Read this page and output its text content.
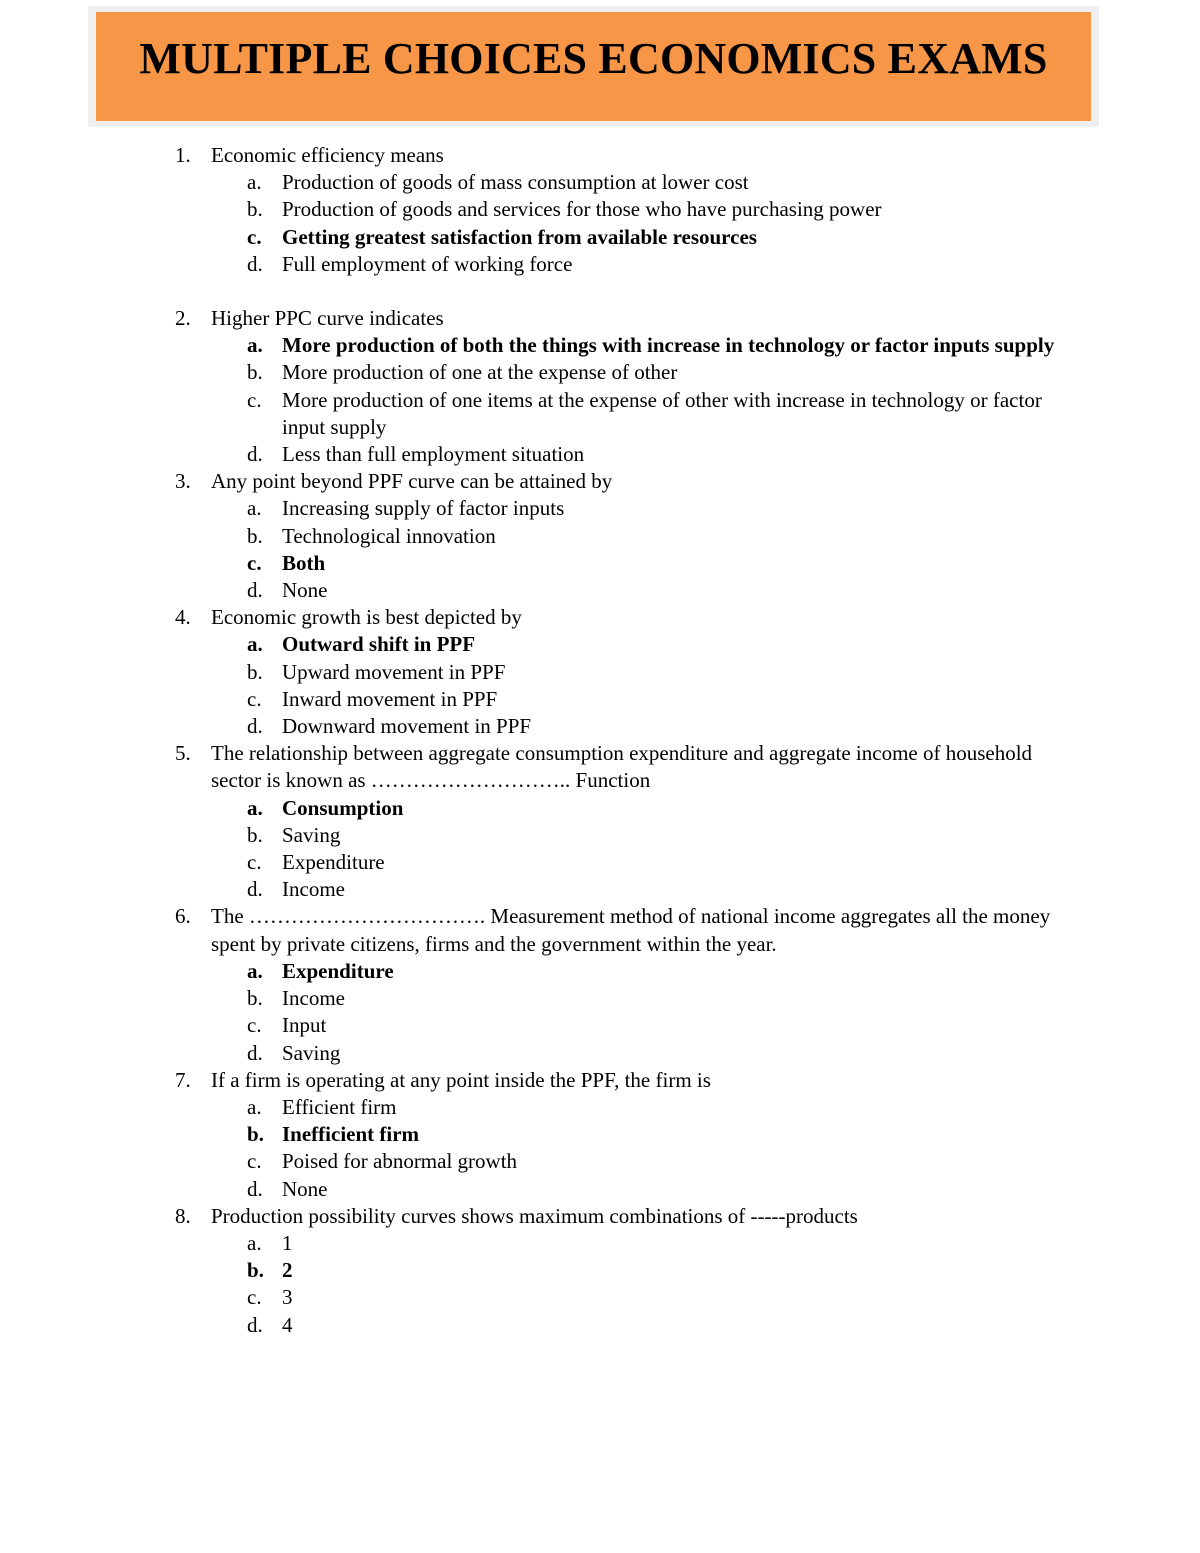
MULTIPLE CHOICES ECONOMICS EXAMS
1. Economic efficiency means
a. Production of goods of mass consumption at lower cost
b. Production of goods and services for those who have purchasing power
c. Getting greatest satisfaction from available resources
d. Full employment of working force
2. Higher PPC curve indicates
a. More production of both the things with increase in technology or factor inputs supply
b. More production of one at the expense of other
c. More production of one items at the expense of other with increase in technology or factor input supply
d. Less than full employment situation
3. Any point beyond PPF curve can be attained by
a. Increasing supply of factor inputs
b. Technological innovation
c. Both
d. None
4. Economic growth is best depicted by
a. Outward shift in PPF
b. Upward movement in PPF
c. Inward movement in PPF
d. Downward movement in PPF
5. The relationship between aggregate consumption expenditure and aggregate income of household sector is known as ……………………….. Function
a. Consumption
b. Saving
c. Expenditure
d. Income
6. The ……………………………. Measurement method of national income aggregates all the money spent by private citizens, firms and the government within the year.
a. Expenditure
b. Income
c. Input
d. Saving
7. If a firm is operating at any point inside the PPF, the firm is
a. Efficient firm
b. Inefficient firm
c. Poised for abnormal growth
d. None
8. Production possibility curves shows maximum combinations of -----products
a. 1
b. 2
c. 3
d. 4
